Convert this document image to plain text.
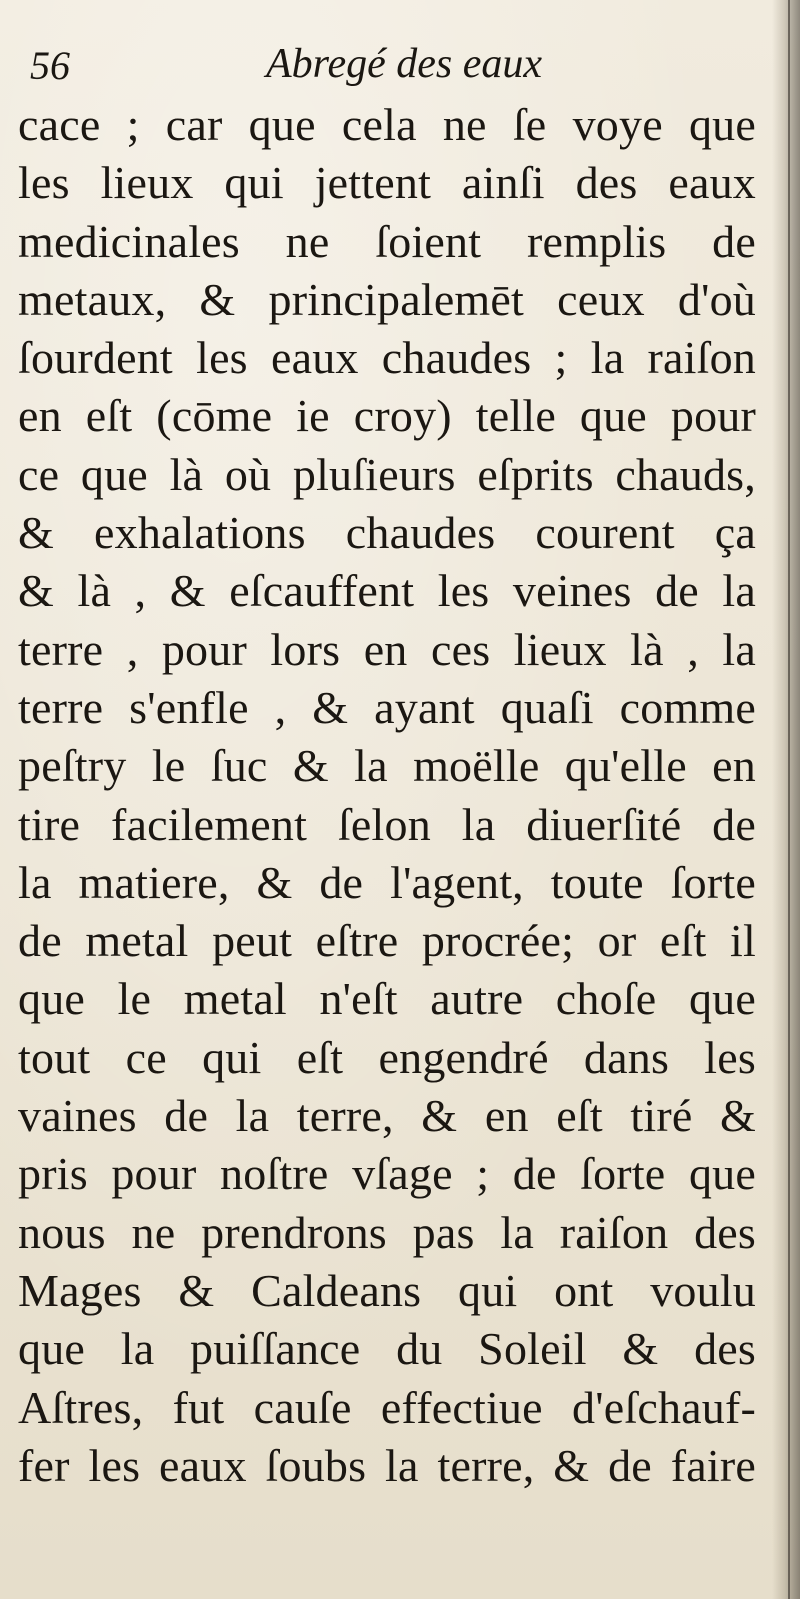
56	Abregé des eaux
cace ; car que cela ne ſe voye que
les lieux qui jettent ainſi des eaux
medicinales ne ſoient remplis de
metaux, & principalemēt ceux d'où
ſourdent les eaux chaudes ; la raiſon
en eſt (cōme ie croy) telle que pour
ce que là où pluſieurs eſprits chauds,
& exhalations chaudes courent ça
& là , & eſcauffent les veines de la
terre , pour lors en ces lieux là , la
terre s'enfle , & ayant quaſi comme
peſtry le ſuc & la moëlle qu'elle en
tire facilement ſelon la diuerſité de
la matiere, & de l'agent, toute ſorte
de metal peut eſtre procrée; or eſt il
que le metal n'eſt autre choſe que
tout ce qui eſt engendré dans les
vaines de la terre, & en eſt tiré &
pris pour noſtre vſage ; de ſorte que
nous ne prendrons pas la raiſon des
Mages & Caldeans qui ont voulu
que la puiſſance du Soleil & des
Aſtres, fut cauſe effectiue d'eſchauf-
fer les eaux ſoubs la terre, & de faire
